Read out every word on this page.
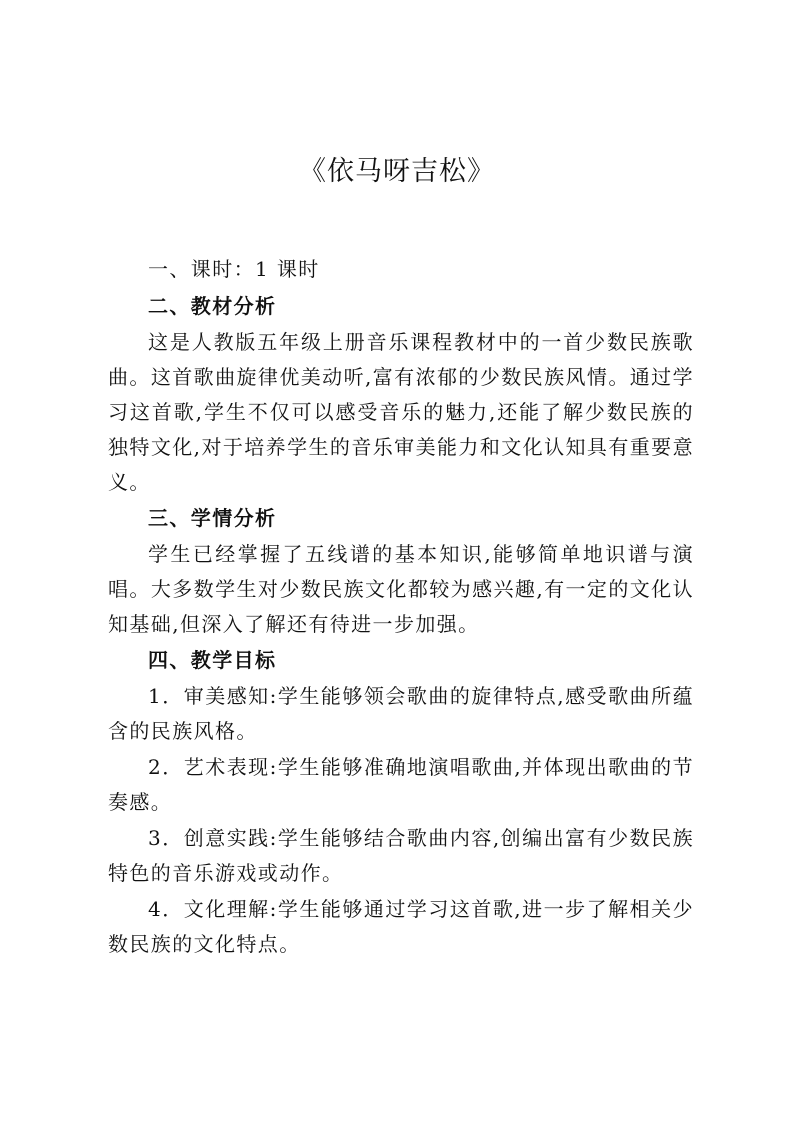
《依马呀吉松》

一、课时：1 课时

二、教材分析

这是人教版五年级上册音乐课程教材中的一首少数民族歌曲。这首歌曲旋律优美动听,富有浓郁的少数民族风情。通过学习这首歌,学生不仅可以感受音乐的魅力,还能了解少数民族的独特文化,对于培养学生的音乐审美能力和文化认知具有重要意义。

三、学情分析

学生已经掌握了五线谱的基本知识,能够简单地识谱与演唱。大多数学生对少数民族文化都较为感兴趣,有一定的文化认知基础,但深入了解还有待进一步加强。

四、教学目标

1．审美感知:学生能够领会歌曲的旋律特点,感受歌曲所蕴含的民族风格。

2．艺术表现:学生能够准确地演唱歌曲,并体现出歌曲的节奏感。

3．创意实践:学生能够结合歌曲内容,创编出富有少数民族特色的音乐游戏或动作。

4．文化理解:学生能够通过学习这首歌,进一步了解相关少数民族的文化特点。
